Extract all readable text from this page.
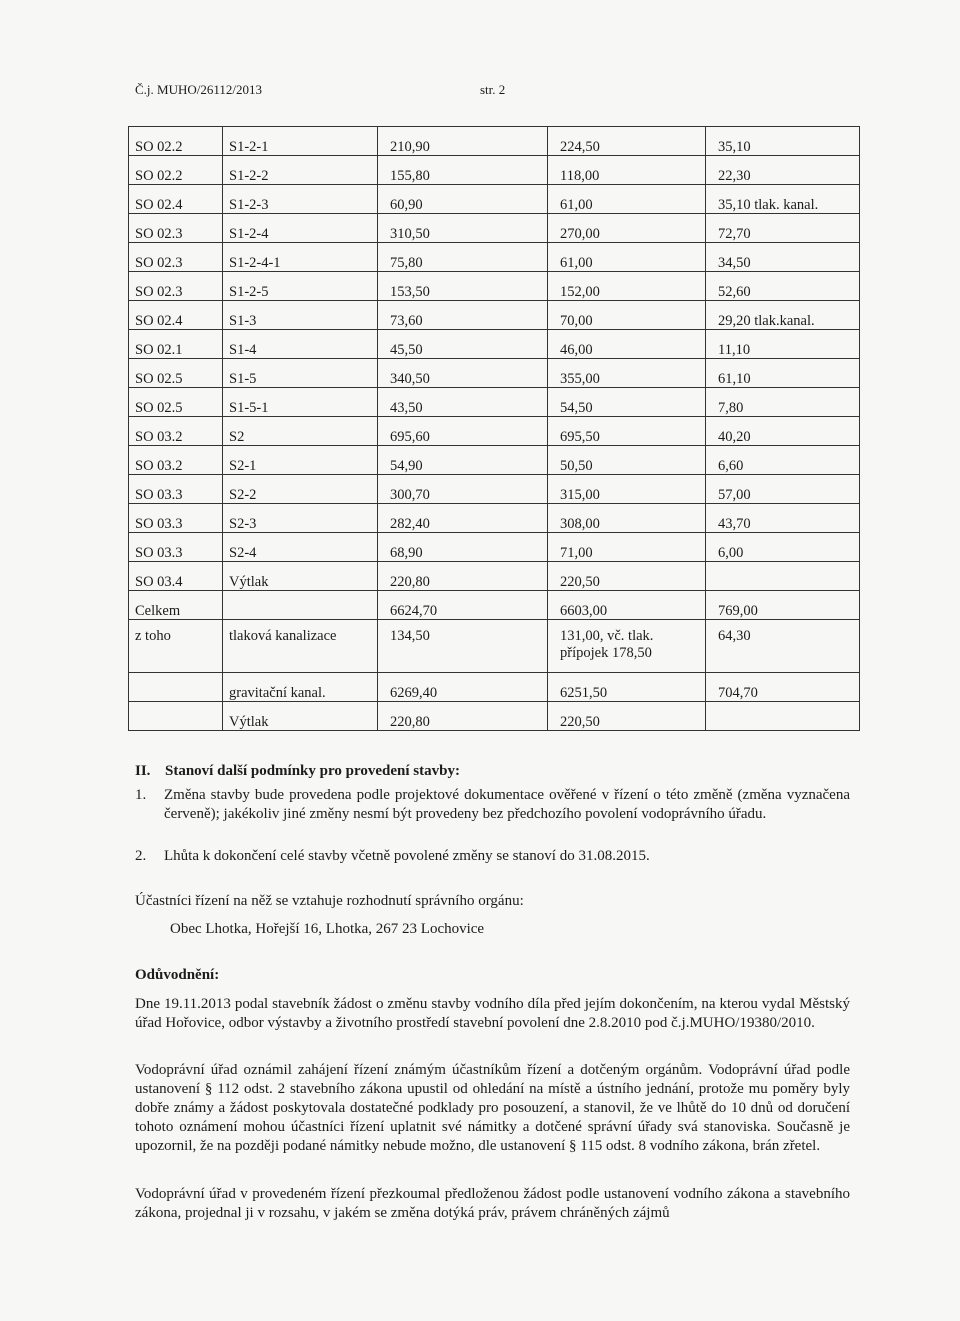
Č.j. MUHO/26112/2013	str. 2
SO 02.2	S1-2-1	210,90	224,50	35,10
SO 02.2	S1-2-2	155,80	118,00	22,30
SO 02.4	S1-2-3	60,90	61,00	35,10 tlak. kanal.
SO 02.3	S1-2-4	310,50	270,00	72,70
SO 02.3	S1-2-4-1	75,80	61,00	34,50
SO 02.3	S1-2-5	153,50	152,00	52,60
SO 02.4	S1-3	73,60	70,00	29,20 tlak.kanal.
SO 02.1	S1-4	45,50	46,00	11,10
SO 02.5	S1-5	340,50	355,00	61,10
SO 02.5	S1-5-1	43,50	54,50	7,80
SO 03.2	S2	695,60	695,50	40,20
SO 03.2	S2-1	54,90	50,50	6,60
SO 03.3	S2-2	300,70	315,00	57,00
SO 03.3	S2-3	282,40	308,00	43,70
SO 03.3	S2-4	68,90	71,00	6,00
SO 03.4	Výtlak	220,80	220,50	
Celkem		6624,70	6603,00	769,00
z toho	tlaková kanalizace	134,50	131,00, vč. tlak. přípojek 178,50	64,30
	gravitační kanal.	6269,40	6251,50	704,70
	Výtlak	220,80	220,50	
II. Stanoví další podmínky pro provedení stavby:
1. Změna stavby bude provedena podle projektové dokumentace ověřené v řízení o této změně (změna vyznačena červeně); jakékoliv jiné změny nesmí být provedeny bez předchozího povolení vodoprávního úřadu.
2. Lhůta k dokončení celé stavby včetně povolené změny se stanoví do 31.08.2015.
Účastníci řízení na něž se vztahuje rozhodnutí správního orgánu:
Obec Lhotka, Hořejší 16, Lhotka, 267 23 Lochovice
Odůvodnění:
Dne 19.11.2013 podal stavebník žádost o změnu stavby vodního díla před jejím dokončením, na kterou vydal Městský úřad Hořovice, odbor výstavby a životního prostředí stavební povolení dne 2.8.2010 pod č.j.MUHO/19380/2010.
Vodoprávní úřad oznámil zahájení řízení známým účastníkům řízení a dotčeným orgánům. Vodoprávní úřad podle ustanovení § 112 odst. 2 stavebního zákona upustil od ohledání na místě a ústního jednání, protože mu poměry byly dobře známy a žádost poskytovala dostatečné podklady pro posouzení, a stanovil, že ve lhůtě do 10 dnů od doručení tohoto oznámení mohou účastníci řízení uplatnit své námitky a dotčené správní úřady svá stanoviska. Současně je upozornil, že na později podané námitky nebude možno, dle ustanovení § 115 odst. 8 vodního zákona, brán zřetel.
Vodoprávní úřad v provedeném řízení přezkoumal předloženou žádost podle ustanovení vodního zákona a stavebního zákona, projednal ji v rozsahu, v jakém se změna dotýká práv, právem chráněných zájmů
